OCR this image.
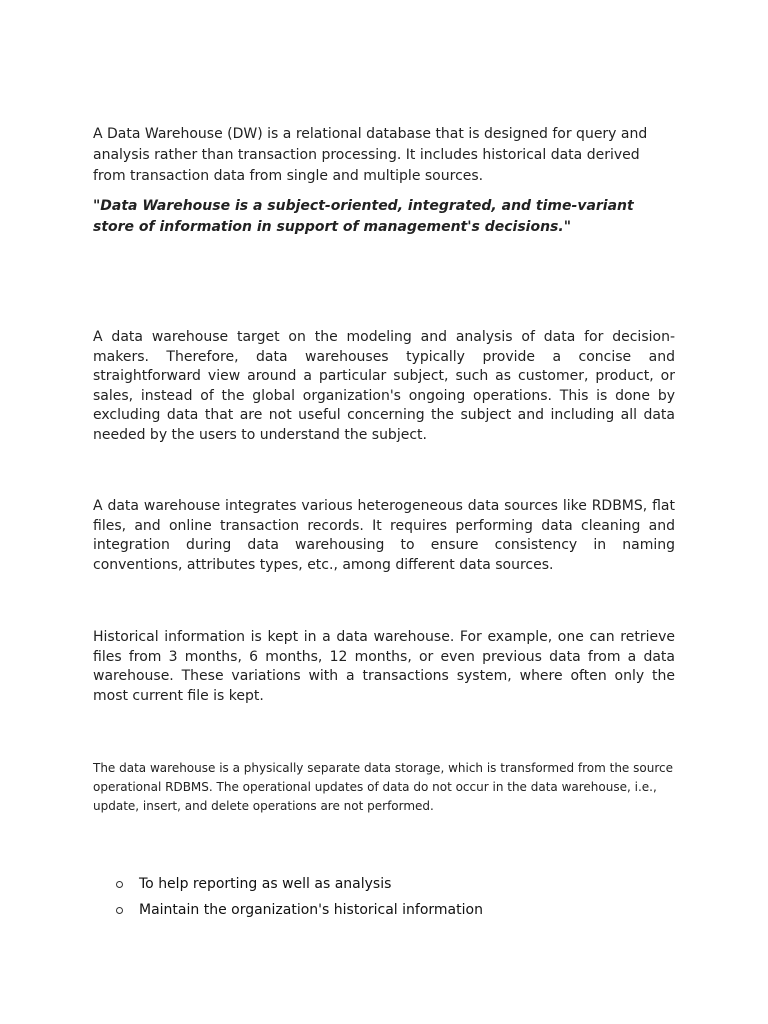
A Data Warehouse (DW) is a relational database that is designed for query and analysis rather than transaction processing. It includes historical data derived from transaction data from single and multiple sources.

"Data Warehouse is a subject-oriented, integrated, and time-variant store of information in support of management's decisions."

A data warehouse target on the modeling and analysis of data for decision-makers. Therefore, data warehouses typically provide a concise and straightforward view around a particular subject, such as customer, product, or sales, instead of the global organization's ongoing operations. This is done by excluding data that are not useful concerning the subject and including all data needed by the users to understand the subject.

A data warehouse integrates various heterogeneous data sources like RDBMS, flat files, and online transaction records. It requires performing data cleaning and integration during data warehousing to ensure consistency in naming conventions, attributes types, etc., among different data sources.

Historical information is kept in a data warehouse. For example, one can retrieve files from 3 months, 6 months, 12 months, or even previous data from a data warehouse. These variations with a transactions system, where often only the most current file is kept.

The data warehouse is a physically separate data storage, which is transformed from the source operational RDBMS. The operational updates of data do not occur in the data warehouse, i.e., update, insert, and delete operations are not performed.

To help reporting as well as analysis
Maintain the organization's historical information
